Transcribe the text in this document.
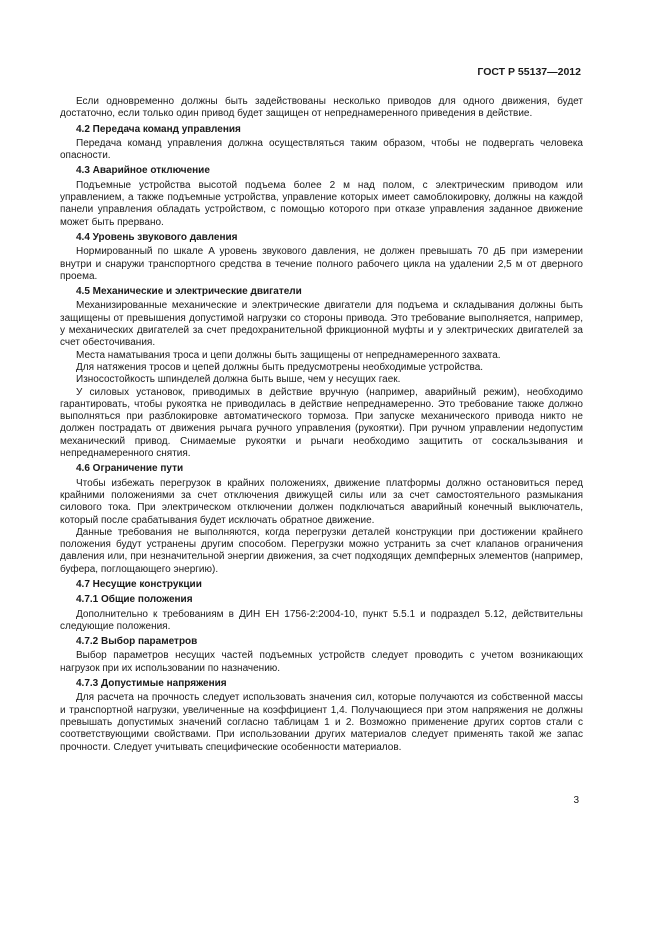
ГОСТ Р 55137—2012

Если одновременно должны быть задействованы несколько приводов для одного движения, будет достаточно, если только один привод будет защищен от непреднамеренного приведения в действие.

4.2 Передача команд управления

Передача команд управления должна осуществляться таким образом, чтобы не подвергать человека опасности.

4.3 Аварийное отключение

Подъемные устройства высотой подъема более 2 м над полом, с электрическим приводом или управлением, а также подъемные устройства, управление которых имеет самоблокировку, должны на каждой панели управления обладать устройством, с помощью которого при отказе управления заданное движение может быть прервано.

4.4 Уровень звукового давления

Нормированный по шкале A уровень звукового давления, не должен превышать 70 дБ при измерении внутри и снаружи транспортного средства в течение полного рабочего цикла на удалении 2,5 м от дверного проема.

4.5 Механические и электрические двигатели

Механизированные механические и электрические двигатели для подъема и складывания должны быть защищены от превышения допустимой нагрузки со стороны привода. Это требование выполняется, например, у механических двигателей за счет предохранительной фрикционной муфты и у электрических двигателей за счет обесточивания.

Места наматывания троса и цепи должны быть защищены от непреднамеренного захвата.

Для натяжения тросов и цепей должны быть предусмотрены необходимые устройства.

Износостойкость шпинделей должна быть выше, чем у несущих гаек.

У силовых установок, приводимых в действие вручную (например, аварийный режим), необходимо гарантировать, чтобы рукоятка не приводилась в действие непреднамеренно. Это требование также должно выполняться при разблокировке автоматического тормоза. При запуске механического привода никто не должен пострадать от движения рычага ручного управления (рукоятки). При ручном управлении недопустим механический привод. Снимаемые рукоятки и рычаги необходимо защитить от соскальзывания и непреднамеренного снятия.

4.6 Ограничение пути

Чтобы избежать перегрузок в крайних положениях, движение платформы должно остановиться перед крайними положениями за счет отключения движущей силы или за счет самостоятельного размыкания силового тока. При электрическом отключении должен подключаться аварийный конечный выключатель, который после срабатывания будет исключать обратное движение.

Данные требования не выполняются, когда перегрузки деталей конструкции при достижении крайнего положения будут устранены другим способом. Перегрузки можно устранить за счет клапанов ограничения давления или, при незначительной энергии движения, за счет подходящих демпферных элементов (например, буфера, поглощающего энергию).

4.7 Несущие конструкции

4.7.1 Общие положения

Дополнительно к требованиям в ДИН ЕН 1756-2:2004-10, пункт 5.5.1 и подраздел 5.12, действительны следующие положения.

4.7.2 Выбор параметров

Выбор параметров несущих частей подъемных устройств следует проводить с учетом возникающих нагрузок при их использовании по назначению.

4.7.3 Допустимые напряжения

Для расчета на прочность следует использовать значения сил, которые получаются из собственной массы и транспортной нагрузки, увеличенные на коэффициент 1,4. Получающиеся при этом напряжения не должны превышать допустимых значений согласно таблицам 1 и 2. Возможно применение других сортов стали с соответствующими свойствами. При использовании других материалов следует применять такой же запас прочности. Следует учитывать специфические особенности материалов.

3
